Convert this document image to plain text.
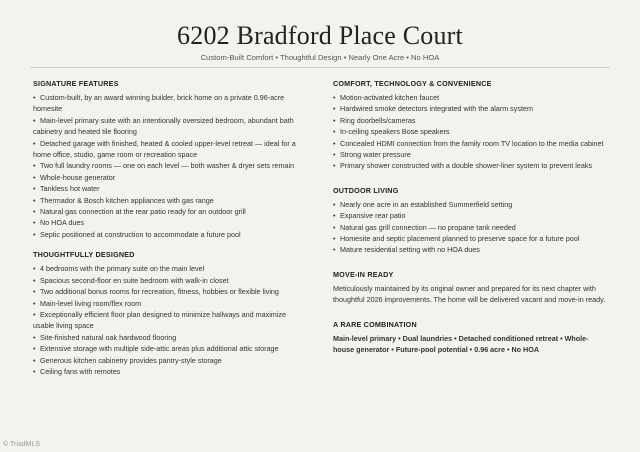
6202 Bradford Place Court
Custom-Built Comfort • Thoughtful Design • Nearly One Acre • No HOA
SIGNATURE FEATURES
• Custom-built, by an award winning builder, brick home on a private 0.96-acre homesite
• Main-level primary suite with an intentionally oversized bedroom, abundant bath cabinetry and heated tile flooring
• Detached garage with finished, heated & cooled upper-level retreat — ideal for a home office, studio, game room or recreation space
• Two full laundry rooms — one on each level — both washer & dryer sets remain
• Whole-house generator
• Tankless hot water
• Thermador & Bosch kitchen appliances with gas range
• Natural gas connection at the rear patio ready for an outdoor grill
• No HOA dues
• Septic positioned at construction to accommodate a future pool
THOUGHTFULLY DESIGNED
• 4 bedrooms with the primary suite on the main level
• Spacious second-floor en suite bedroom with walk-in closet
• Two additional bonus rooms for recreation, fitness, hobbies or flexible living
• Main-level living room/flex room
• Exceptionally efficient floor plan designed to minimize hallways and maximize usable living space
• Site-finished natural oak hardwood flooring
• Extensive storage with multiple side-attic areas plus additional attic storage
• Generous kitchen cabinetry provides pantry-style storage
• Ceiling fans with remotes
COMFORT, TECHNOLOGY & CONVENIENCE
• Motion-activated kitchen faucet
• Hardwired smoke detectors integrated with the alarm system
• Ring doorbells/cameras
• In-ceiling speakers Bose speakers
• Concealed HDMI connection from the family room TV location to the media cabinet
• Strong water pressure
• Primary shower constructed with a double shower-liner system to prevent leaks
OUTDOOR LIVING
• Nearly one acre in an established Summerfield setting
• Expansive rear patio
• Natural gas grill connection — no propane tank needed
• Homesite and septic placement planned to preserve space for a future pool
• Mature residential setting with no HOA dues
MOVE-IN READY
Meticulously maintained by its original owner and prepared for its next chapter with thoughtful 2026 improvements. The home will be delivered vacant and move-in ready.
A RARE COMBINATION
Main-level primary • Dual laundries • Detached conditioned retreat • Whole-house generator • Future-pool potential • 0.96 acre • No HOA
© TriadMLS
